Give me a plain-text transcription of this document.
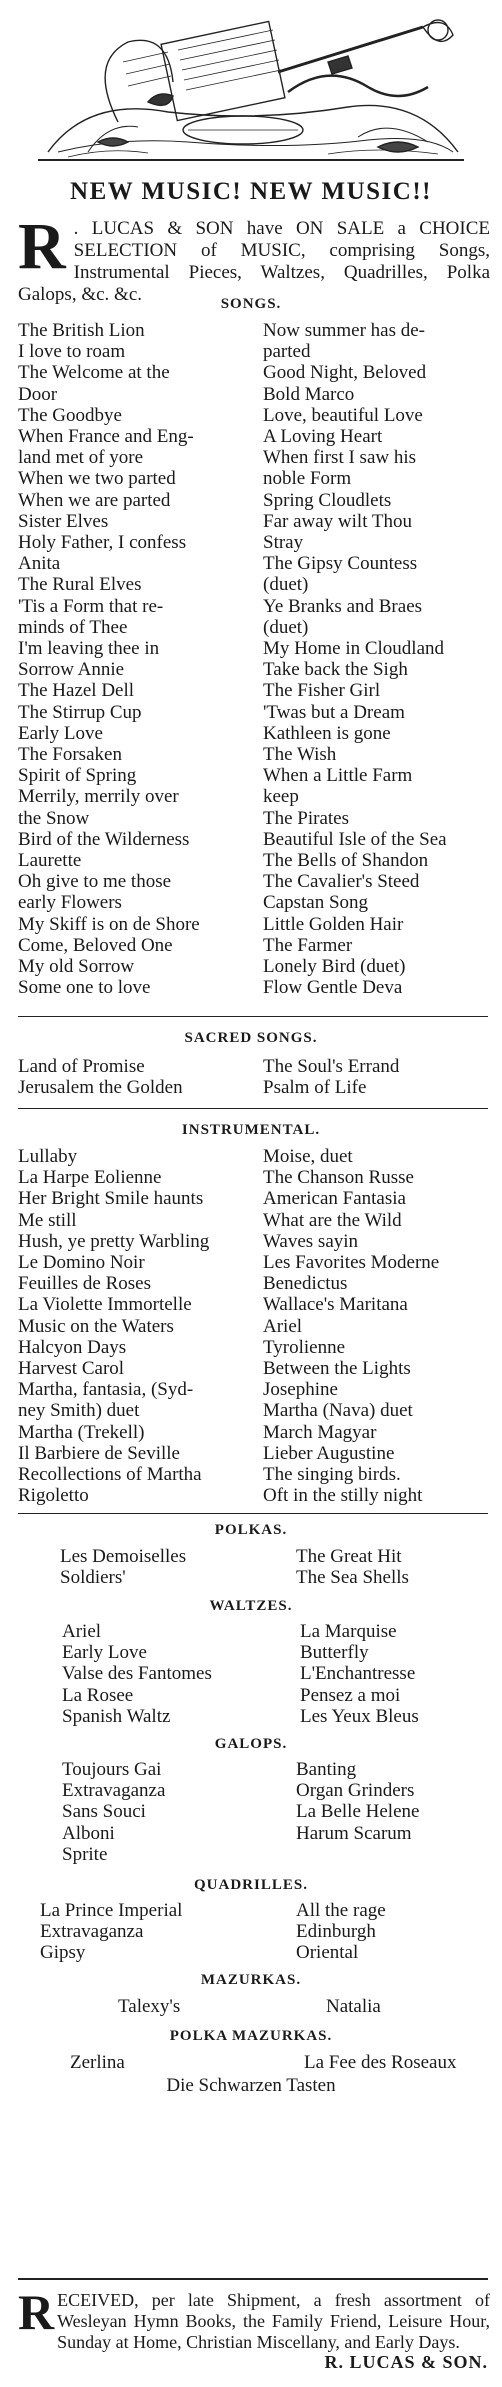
NEW MUSIC! NEW MUSIC!!
R . LUCAS & SON have ON SALE a CHOICE SELECTION of MUSIC, comprising Songs, Instrumental Pieces, Waltzes, Quadrilles, Polka Galops, &c. &c.	SONGS.
The British Lion
I love to roam
The Welcome at the
Door
The Goodbye
When France and Eng-
land met of yore
When we two parted
When we are parted
Sister Elves
Holy Father, I confess
Anita
The Rural Elves
'Tis a Form that re-
minds of Thee
I'm leaving thee in
Sorrow Annie
The Hazel Dell
The Stirrup Cup
Early Love
The Forsaken
Spirit of Spring
Merrily, merrily over
the Snow
Bird of the Wilderness
Laurette
Oh give to me those
early Flowers
My Skiff is on de Shore
Come, Beloved One
My old Sorrow
Some one to love
Now summer has de-
parted
Good Night, Beloved
Bold Marco
Love, beautiful Love
A Loving Heart
When first I saw his
noble Form
Spring Cloudlets
Far away wilt Thou
Stray
The Gipsy Countess
(duet)
Ye Branks and Braes
(duet)
My Home in Cloudland
Take back the Sigh
The Fisher Girl
'Twas but a Dream
Kathleen is gone
The Wish
When a Little Farm
keep
The Pirates
Beautiful Isle of the Sea
The Bells of Shandon
The Cavalier's Steed
Capstan Song
Little Golden Hair
The Farmer
Lonely Bird (duet)
Flow Gentle Deva
SACRED SONGS.
Land of Promise
Jerusalem the Golden
The Soul's Errand
Psalm of Life
INSTRUMENTAL.
Lullaby
La Harpe Eolienne
Her Bright Smile haunts
Me still
Hush, ye pretty Warbling
Le Domino Noir
Feuilles de Roses
La Violette Immortelle
Music on the Waters
Halcyon Days
Harvest Carol
Martha, fantasia, (Syd-
ney Smith) duet
Martha (Trekell)
Il Barbiere de Seville
Recollections of Martha
Rigoletto
Moise, duet
The Chanson Russe
American Fantasia
What are the Wild
Waves sayin
Les Favorites Moderne
Benedictus
Wallace's Maritana
Ariel
Tyrolienne
Between the Lights
Josephine
Martha (Nava) duet
March Magyar
Lieber Augustine
The singing birds.
Oft in the stilly night
POLKAS.
Les Demoiselles
Soldiers'
The Great Hit
The Sea Shells
WALTZES.
Ariel
Early Love
Valse des Fantomes
La Rosee
Spanish Waltz
La Marquise
Butterfly
L'Enchantresse
Pensez a moi
Les Yeux Bleus
GALOPS.
Toujours Gai
Extravaganza
Sans Souci
Alboni
Sprite
Banting
Organ Grinders
La Belle Helene
Harum Scarum
QUADRILLES.
La Prince Imperial
Extravaganza
Gipsy
All the rage
Edinburgh
Oriental
MAZURKAS.
Talexy's	Natalia
POLKA MAZURKAS.
Zerlina	La Fee des Roseaux
Die Schwarzen Tasten
R ECEIVED, per late Shipment, a fresh assortment of Wesleyan Hymn Books, the Family Friend, Leisure Hour, Sunday at Home, Christian Miscellany, and Early Days.

R. LUCAS & SON.
